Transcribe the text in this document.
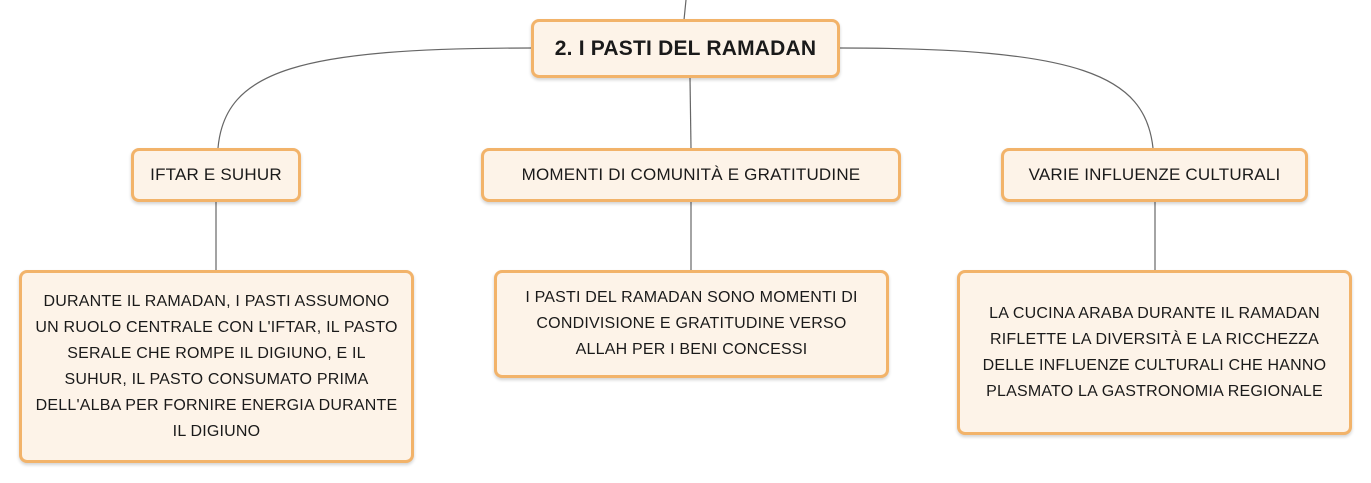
2. I PASTI DEL RAMADAN
IFTAR E SUHUR	MOMENTI DI COMUNITÀ E GRATITUDINE	VARIE INFLUENZE CULTURALI
DURANTE IL RAMADAN, I PASTI ASSUMONO UN RUOLO CENTRALE CON L'IFTAR, IL PASTO SERALE CHE ROMPE IL DIGIUNO, E IL SUHUR, IL PASTO CONSUMATO PRIMA DELL'ALBA PER FORNIRE ENERGIA DURANTE IL DIGIUNO
I PASTI DEL RAMADAN SONO MOMENTI DI CONDIVISIONE E GRATITUDINE VERSO ALLAH PER I BENI CONCESSI
LA CUCINA ARABA DURANTE IL RAMADAN RIFLETTE LA DIVERSITÀ E LA RICCHEZZA DELLE INFLUENZE CULTURALI CHE HANNO PLASMATO LA GASTRONOMIA REGIONALE
